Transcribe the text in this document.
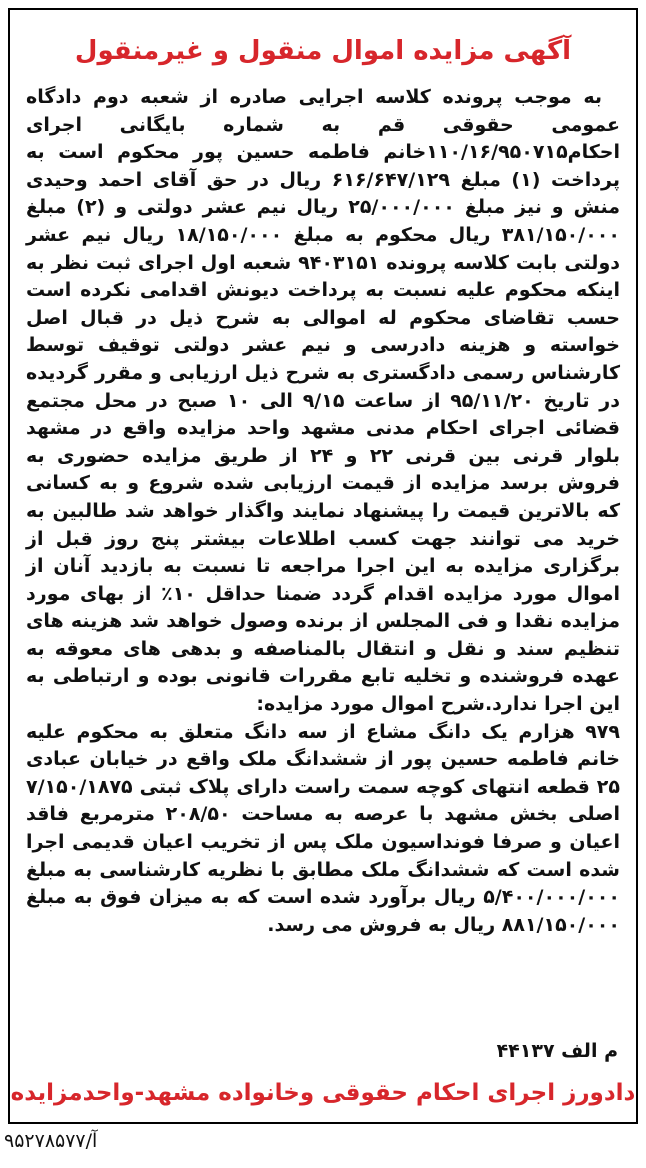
آگهی مزایده اموال منقول و غیرمنقول

به موجب پرونده کلاسه اجرایی صادره از شعبه دوم دادگاه عمومی حقوقی قم به شماره بایگانی اجرای احکام۱۱۰/۱۶/۹۵۰۷۱۵خانم فاطمه حسین پور محکوم است به پرداخت (۱) مبلغ ۶۱۶/۶۴۷/۱۲۹ ریال در حق آقای احمد وحیدی منش و نیز مبلغ ۲۵/۰۰۰/۰۰۰ ریال نیم عشر دولتی و (۲) مبلغ ۳۸۱/۱۵۰/۰۰۰ ریال محکوم به مبلغ ۱۸/۱۵۰/۰۰۰ ریال نیم عشر دولتی بابت کلاسه پرونده ۹۴۰۳۱۵۱ شعبه اول اجرای ثبت نظر به اینکه محکوم علیه نسبت به پرداخت دیونش اقدامی نکرده است حسب تقاضای محکوم له اموالی به شرح ذیل در قبال اصل خواسته و هزینه دادرسی و نیم عشر دولتی توقیف توسط کارشناس رسمی دادگستری به شرح ذیل ارزیابی و مقرر گردیده در تاریخ ۹۵/۱۱/۲۰ از ساعت ۹/۱۵ الی ۱۰ صبح در محل مجتمع قضائی اجرای احکام مدنی مشهد واحد مزایده واقع در مشهد بلوار قرنی بین قرنی ۲۲ و ۲۴ از طریق مزایده حضوری به فروش برسد مزایده از قیمت ارزیابی شده شروع و به کسانی که بالاترین قیمت را پیشنهاد نمایند واگذار خواهد شد طالبین به خرید می توانند جهت کسب اطلاعات بیشتر پنج روز قبل از برگزاری مزایده به این اجرا مراجعه تا نسبت به بازدید آنان از اموال مورد مزایده اقدام گردد ضمنا حداقل ۱۰٪ از بهای مورد مزایده نقدا و فی المجلس از برنده وصول خواهد شد هزینه های تنظیم سند و نقل و انتقال بالمناصفه و بدهی های معوقه به عهده فروشنده و تخلیه تابع مقررات قانونی بوده و ارتباطی به این اجرا ندارد.شرح اموال مورد مزایده:

۹۷۹ هزارم یک دانگ مشاع از سه دانگ متعلق به محکوم علیه خانم فاطمه حسین پور از ششدانگ ملک واقع در خیابان عبادی ۲۵ قطعه انتهای کوچه سمت راست دارای پلاک ثبتی ۷/۱۵۰/۱۸۷۵ اصلی بخش مشهد با عرصه به مساحت ۲۰۸/۵۰ مترمربع فاقد اعیان و صرفا فونداسیون ملک پس از تخریب اعیان قدیمی اجرا شده است که ششدانگ ملک مطابق با نظریه کارشناسی به مبلغ ۵/۴۰۰/۰۰۰/۰۰۰ ریال برآورد شده است که به میزان فوق به مبلغ ۸۸۱/۱۵۰/۰۰۰ ریال به فروش می رسد.

م الف ۴۴۱۳۷
دادورز اجرای احکام حقوقی وخانواده مشهد-واحدمزایده
آ/۹۵۲۷۸۵۷۷
